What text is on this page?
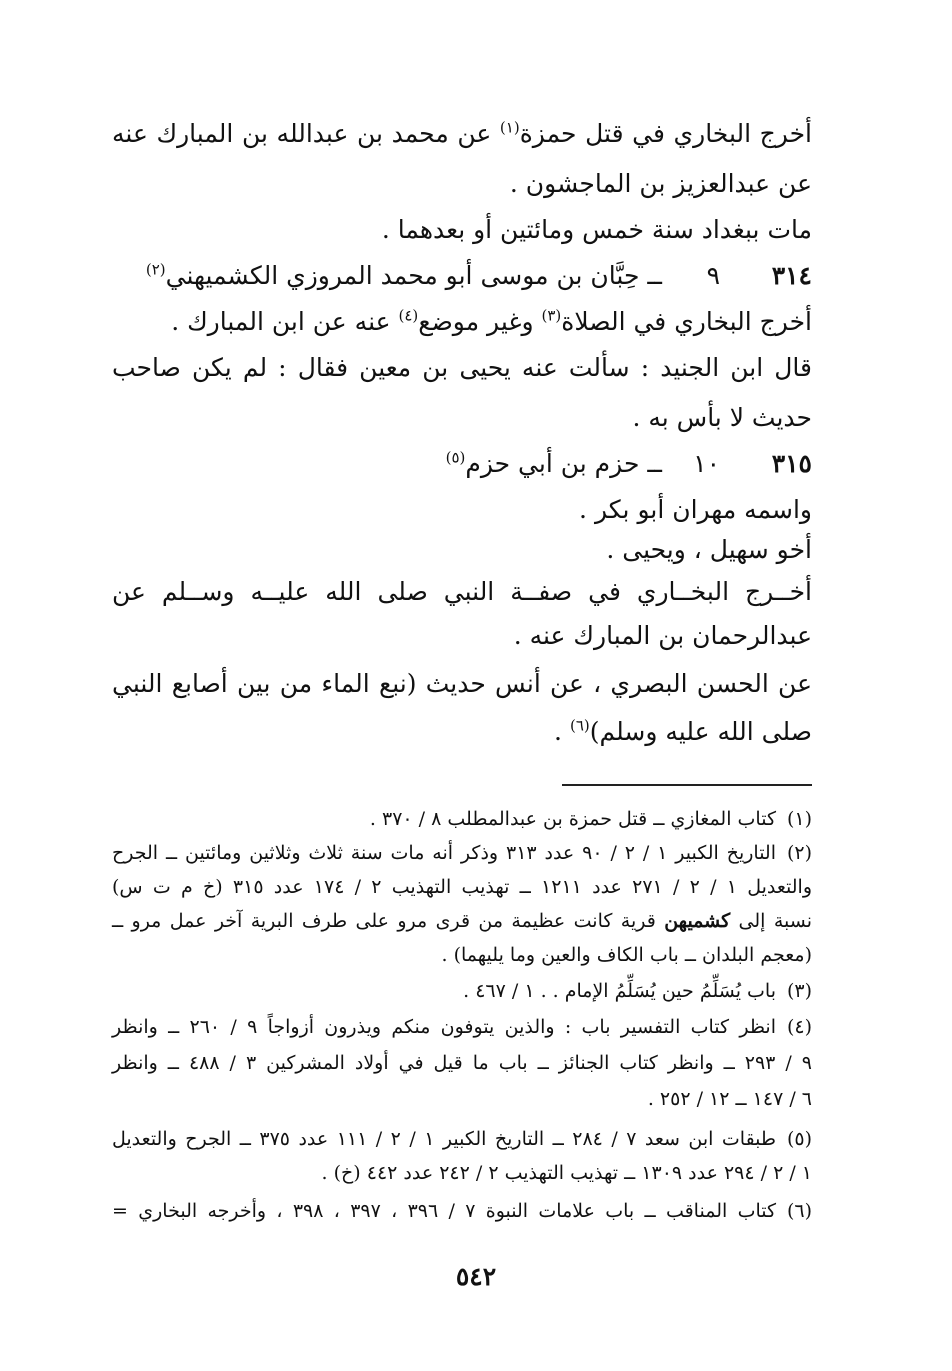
أخرج البخاري في قتل حمزة$^{(١)}$ عن محمد بن عبدالله بن المبارك عنه
عن عبدالعزيز بن الماجشون .
مات ببغداد سنة خمس ومائتين أو بعدهما .
٣١٤
٩
ــ حِبَّان بن موسى أبو محمد المروزي الكشميهني$^{(٢)}$
أخرج البخاري في الصلاة$^{(٣)}$ وغير موضع$^{(٤)}$ عنه عن ابن المبارك .
قال ابن الجنيد : سألت عنه يحيى بن معين فقال : لم يكن صاحب
حديث لا بأس به .
٣١٥
١٠
ــ حزم بن أبي حزم$^{(٥)}$
واسمه مهران أبو بكر .
أخو سهيل ، ويحيى .
أخــرج البخــاري في صفــة النبي صلى الله عليــه وســلم عن
عبدالرحمان بن المبارك عنه .
عن الحسن البصري ، عن أنس حديث (نبع الماء من بين أصابع النبي
صلى الله عليه وسلم)$^{(٦)}$ .
(١)
كتاب المغازي ــ قتل حمزة بن عبدالمطلب ٨ / ٣٧٠ .
(٢)
التاريخ الكبير ١ / ٢ / ٩٠ عدد ٣١٣ وذكر أنه مات سنة ثلاث وثلاثين ومائتين ــ الجرح
والتعديل ١ / ٢ / ٢٧١ عدد ١٢١١ ــ تهذيب التهذيب ٢ / ١٧٤ عدد ٣١٥ (خ م ت س)
نسبة إلى كشميهن قرية كانت عظيمة من قرى مرو على طرف البرية آخر عمل مرو ــ
(معجم البلدان ــ باب الكاف والعين وما يليهما) .
(٣)
باب يُسَلِّمُ حين يُسَلِّمُ الإمام . . ١ / ٤٦٧ .
(٤)
انظر كتاب التفسير باب : والذين يتوفون منكم ويذرون أزواجاً ٩ / ٢٦٠ ــ وانظر
٩ / ٢٩٣ ــ وانظر كتاب الجنائز ــ باب ما قيل في أولاد المشركين ٣ / ٤٨٨ ــ وانظر
٦ / ١٤٧ ــ ١٢ / ٢٥٢ .
(٥)
طبقات ابن سعد ٧ / ٢٨٤ ــ التاريخ الكبير ١ / ٢ / ١١١ عدد ٣٧٥ ــ الجرح والتعديل
١ / ٢ / ٢٩٤ عدد ١٣٠٩ ــ تهذيب التهذيب ٢ / ٢٤٢ عدد ٤٤٢ (خ) .
(٦)
كتاب المناقب ــ باب علامات النبوة ٧ / ٣٩٦ ، ٣٩٧ ، ٣٩٨ ، وأخرجه البخاري =
٥٤٢
